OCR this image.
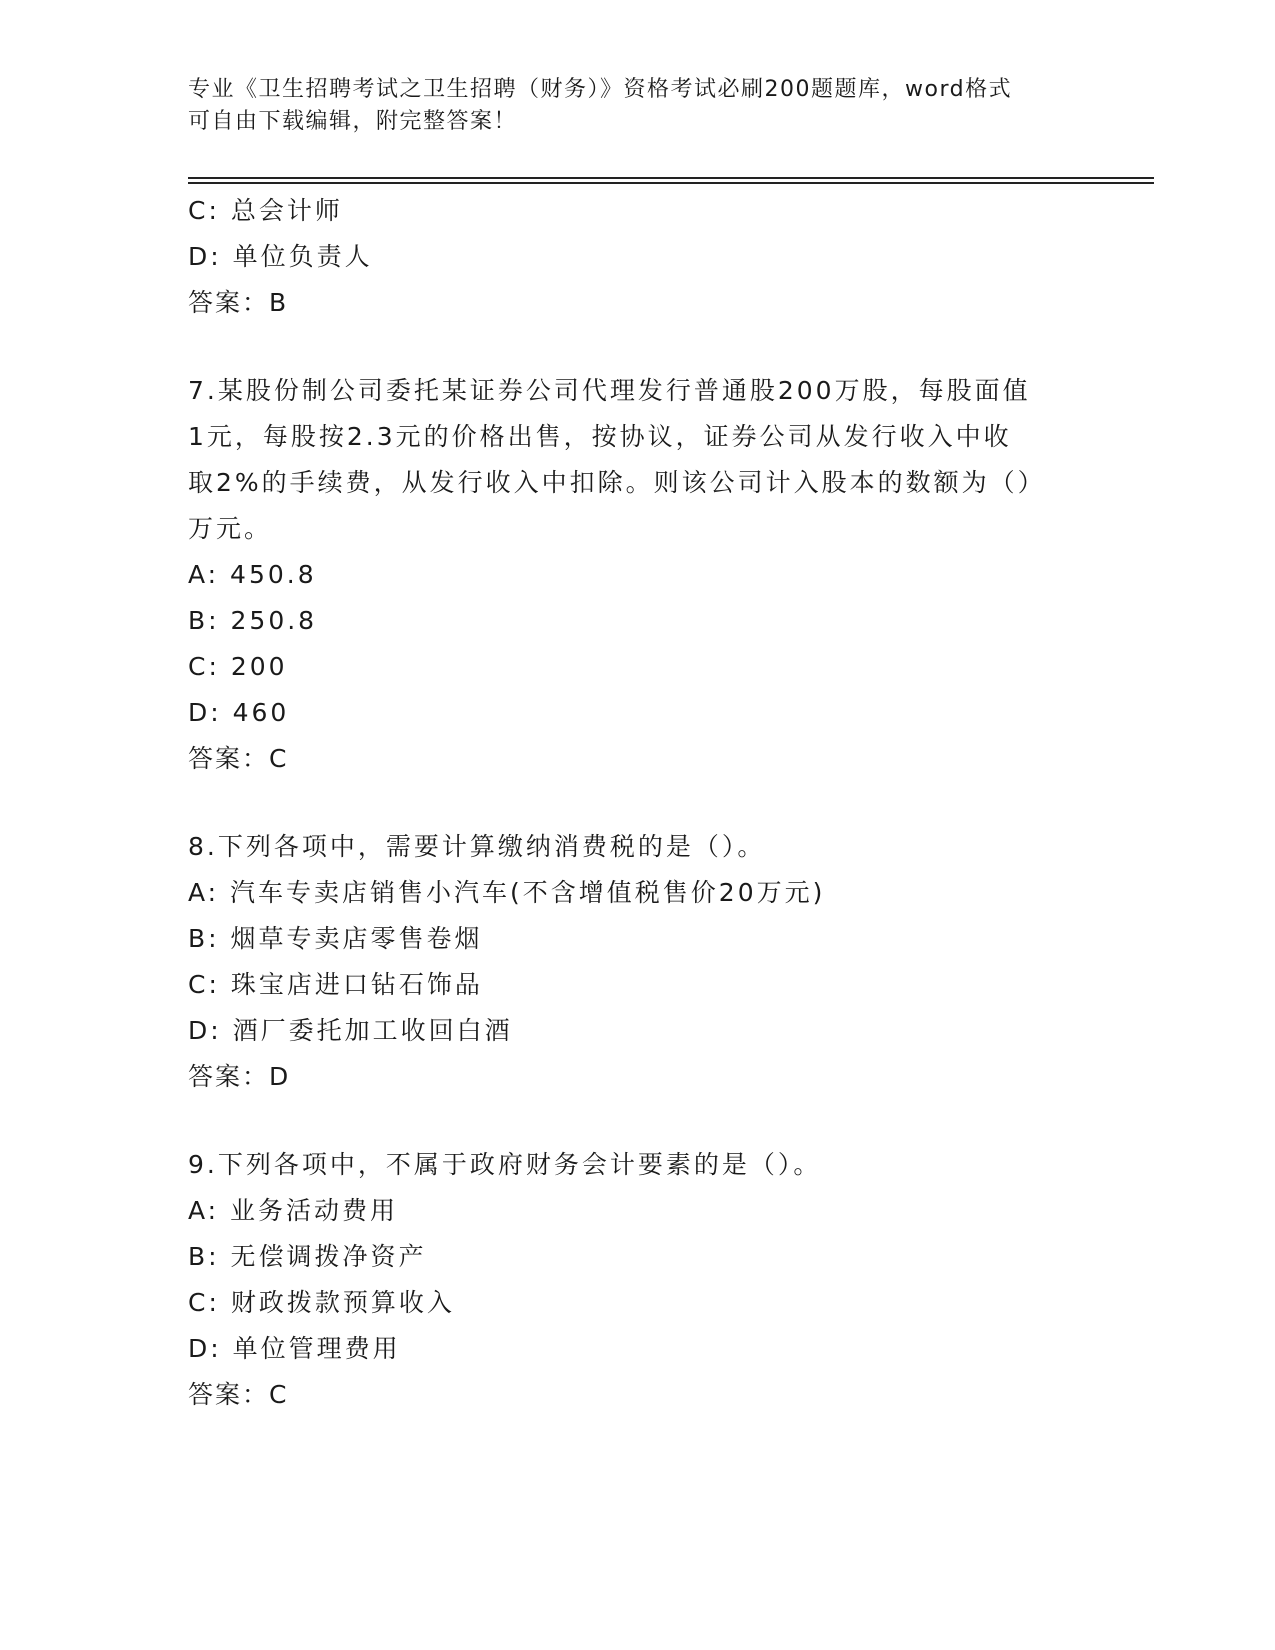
专业《卫生招聘考试之卫生招聘（财务）》资格考试必刷200题题库，word格式

可自由下载编辑，附完整答案！

C: 总会计师
D: 单位负责人
答案：B
7.某股份制公司委托某证券公司代理发行普通股200万股，每股面值
1元，每股按2.3元的价格出售，按协议，证券公司从发行收入中收
取2%的手续费，从发行收入中扣除。则该公司计入股本的数额为（）
万元。
A: 450.8
B: 250.8
C: 200
D: 460
答案：C
8.下列各项中，需要计算缴纳消费税的是（）。
A: 汽车专卖店销售小汽车(不含增值税售价20万元)
B: 烟草专卖店零售卷烟
C: 珠宝店进口钻石饰品
D: 酒厂委托加工收回白酒
答案：D
9.下列各项中，不属于政府财务会计要素的是（）。
A: 业务活动费用
B: 无偿调拨净资产
C: 财政拨款预算收入
D: 单位管理费用
答案：C
